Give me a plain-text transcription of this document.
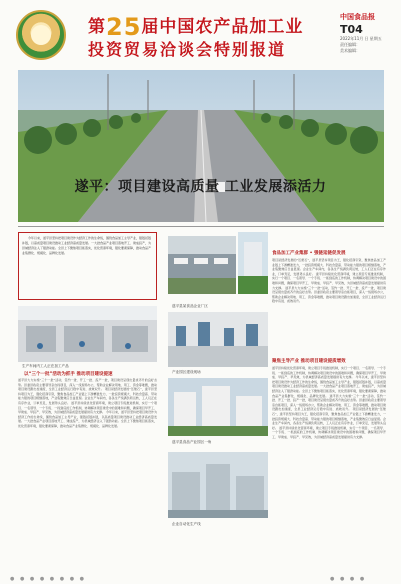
第25届中国农产品加工业
投资贸易洽谈会特别报道
中国食品报
T04
2022年11月 日 星期五
责任编辑：
美术编辑：
遂平：项目建设高质量 工业发展添活力

今年以来，遂平县坚持把项目建设作为经济工作的生命线，围绕食品加工主导产业，强链延链补链，以高质量项目建设推动工业经济高质量发展。一大批食品产业项目落地开工、建成投产，为县域经济注入了强劲动能。全县上下聚焦项目抓落实，优化营商环境，强化要素保障，推动食品产业集群化、规模化、品牌化发展。

生产车间内工人正在加工产品
以“三个一批”活动为抓手 推动项目建设提速
遂平县大力实施“三个一批”活动，签约一批、开工一批、投产一批，项目建设呈现出量质齐升的良好态势。县委县政府主要领导亲自抓项目，深入一线现场办公，帮助企业解决用地、用工、资金等难题，推动项目建设跑出加速度，全县工业经济运行稳中有进、质效双升。 项目是经济发展的“压舱石”，遂平县坚持项目为王，强化招商引资，聚焦食品加工产业链上下游精准发力，一批投资规模大、科技含量高、带动能力强的项目相继落地，产业集聚效应日益显现。企业生产车间内，各条生产线满负荷运转，工人们正在有序作业，订单充足，发展势头良好。 遂平县持续优化营商环境，建立项目专班推进机制，实行一个项目、一名领导、一个专班、一抓到底的工作机制，协调解决项目建设中的困难和问题，确保项目早开工、早建成、早投产、早见效，为县域经济高质量发展提供有力支撑。 今年以来，遂平县坚持把项目建设作为经济工作的生命线，围绕食品加工主导产业，强链延链补链，以高质量项目建设推动工业经济高质量发展。一大批食品产业项目落地开工、建成投产，为县域经济注入了强劲动能。全县上下聚焦项目抓落实，优化营商环境，强化要素保障，推动食品产业集群化、规模化、品牌化发展。
遂平县某食品企业厂区
产业园区建设现场
遂平县食品产业园区一角
企业自动化生产线
食品加工产业集群 • 强链延链促发展
项目是经济发展的“压舱石”，遂平县坚持项目为王，强化招商引资，聚焦食品加工产业链上下游精准发力，一批投资规模大、科技含量高、带动能力强的项目相继落地，产业集聚效应日益显现。企业生产车间内，各条生产线满负荷运转，工人们正在有序作业，订单充足，发展势头良好。 遂平县持续优化营商环境，建立项目专班推进机制，实行一个项目、一名领导、一个专班、一抓到底的工作机制，协调解决项目建设中的困难和问题，确保项目早开工、早建成、早投产、早见效，为县域经济高质量发展提供有力支撑。 遂平县大力实施“三个一批”活动，签约一批、开工一批、投产一批，项目建设呈现出量质齐升的良好态势。县委县政府主要领导亲自抓项目，深入一线现场办公，帮助企业解决用地、用工、资金等难题，推动项目建设跑出加速度，全县工业经济运行稳中有进、质效双升。
聚焦主导产业 推动项目建设提质增效
遂平县持续优化营商环境，建立项目专班推进机制，实行一个项目、一名领导、一个专班、一抓到底的工作机制，协调解决项目建设中的困难和问题，确保项目早开工、早建成、早投产、早见效，为县域经济高质量发展提供有力支撑。 今年以来，遂平县坚持把项目建设作为经济工作的生命线，围绕食品加工主导产业，强链延链补链，以高质量项目建设推动工业经济高质量发展。一大批食品产业项目落地开工、建成投产，为县域经济注入了强劲动能。全县上下聚焦项目抓落实，优化营商环境，强化要素保障，推动食品产业集群化、规模化、品牌化发展。 遂平县大力实施“三个一批”活动，签约一批、开工一批、投产一批，项目建设呈现出量质齐升的良好态势。县委县政府主要领导亲自抓项目，深入一线现场办公，帮助企业解决用地、用工、资金等难题，推动项目建设跑出加速度，全县工业经济运行稳中有进、质效双升。 项目是经济发展的“压舱石”，遂平县坚持项目为王，强化招商引资，聚焦食品加工产业链上下游精准发力，一批投资规模大、科技含量高、带动能力强的项目相继落地，产业集聚效应日益显现。企业生产车间内，各条生产线满负荷运转，工人们正在有序作业，订单充足，发展势头良好。 遂平县持续优化营商环境，建立项目专班推进机制，实行一个项目、一名领导、一个专班、一抓到底的工作机制，协调解决项目建设中的困难和问题，确保项目早开工、早建成、早投产、早见效，为县域经济高质量发展提供有力支撑。
● ● ● ● ● ● ● ●	● ● ● ●
